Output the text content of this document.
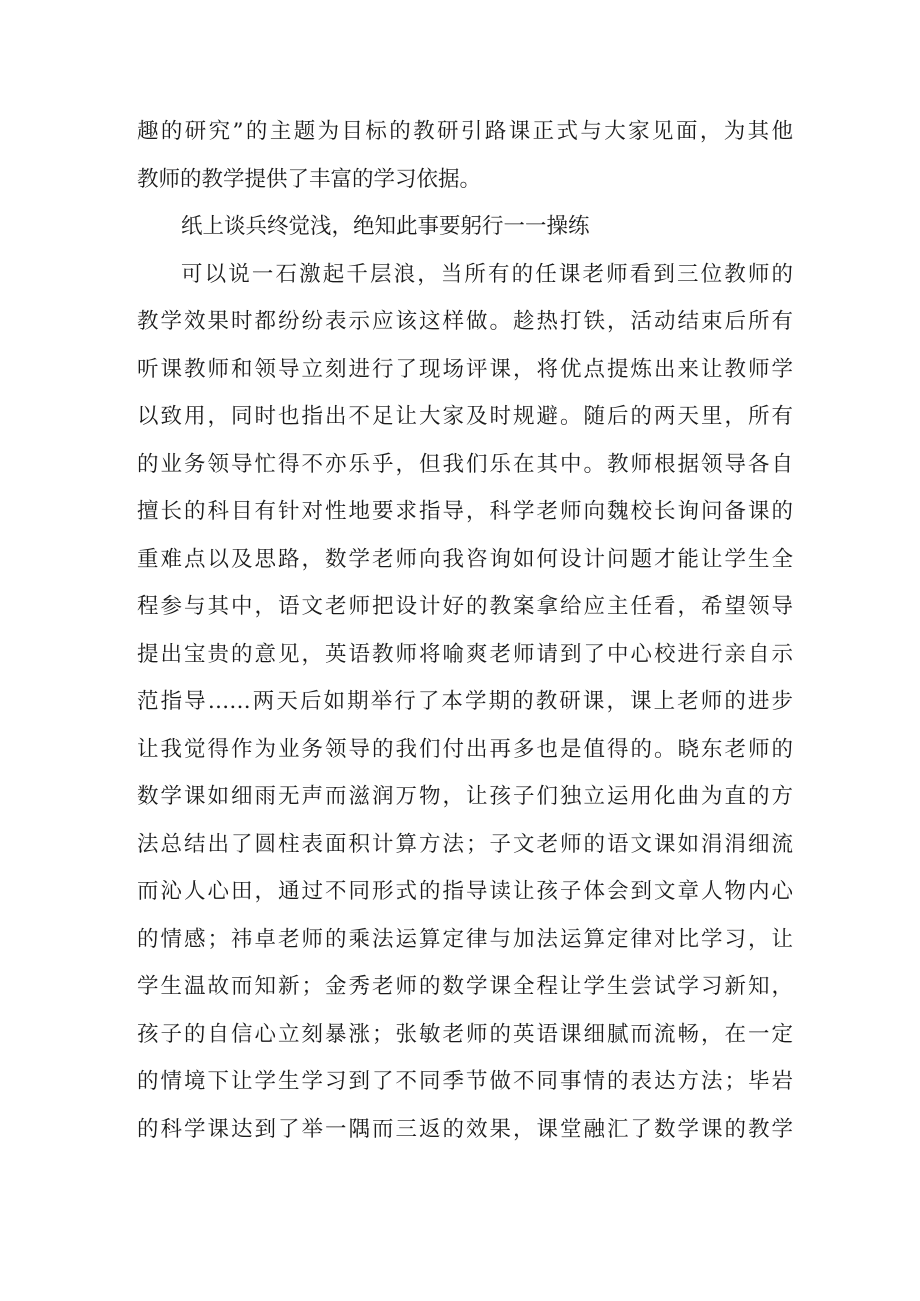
趣的研究”的主题为目标的教研引路课正式与大家见面，为其他
教师的教学提供了丰富的学习依据。
纸上谈兵终觉浅，绝知此事要躬行一一操练
可以说一石激起千层浪，当所有的任课老师看到三位教师的
教学效果时都纷纷表示应该这样做。趁热打铁，活动结束后所有
听课教师和领导立刻进行了现场评课，将优点提炼出来让教师学
以致用，同时也指出不足让大家及时规避。随后的两天里，所有
的业务领导忙得不亦乐乎，但我们乐在其中。教师根据领导各自
擅长的科目有针对性地要求指导，科学老师向魏校长询问备课的
重难点以及思路，数学老师向我咨询如何设计问题才能让学生全
程参与其中，语文老师把设计好的教案拿给应主任看，希望领导
提出宝贵的意见，英语教师将喻爽老师请到了中心校进行亲自示
范指导……两天后如期举行了本学期的教研课，课上老师的进步
让我觉得作为业务领导的我们付出再多也是值得的。晓东老师的
数学课如细雨无声而滋润万物，让孩子们独立运用化曲为直的方
法总结出了圆柱表面积计算方法；子文老师的语文课如涓涓细流
而沁人心田，通过不同形式的指导读让孩子体会到文章人物内心
的情感；祎卓老师的乘法运算定律与加法运算定律对比学习，让
学生温故而知新；金秀老师的数学课全程让学生尝试学习新知，
孩子的自信心立刻暴涨；张敏老师的英语课细腻而流畅，在一定
的情境下让学生学习到了不同季节做不同事情的表达方法；毕岩
的科学课达到了举一隅而三返的效果，课堂融汇了数学课的教学
